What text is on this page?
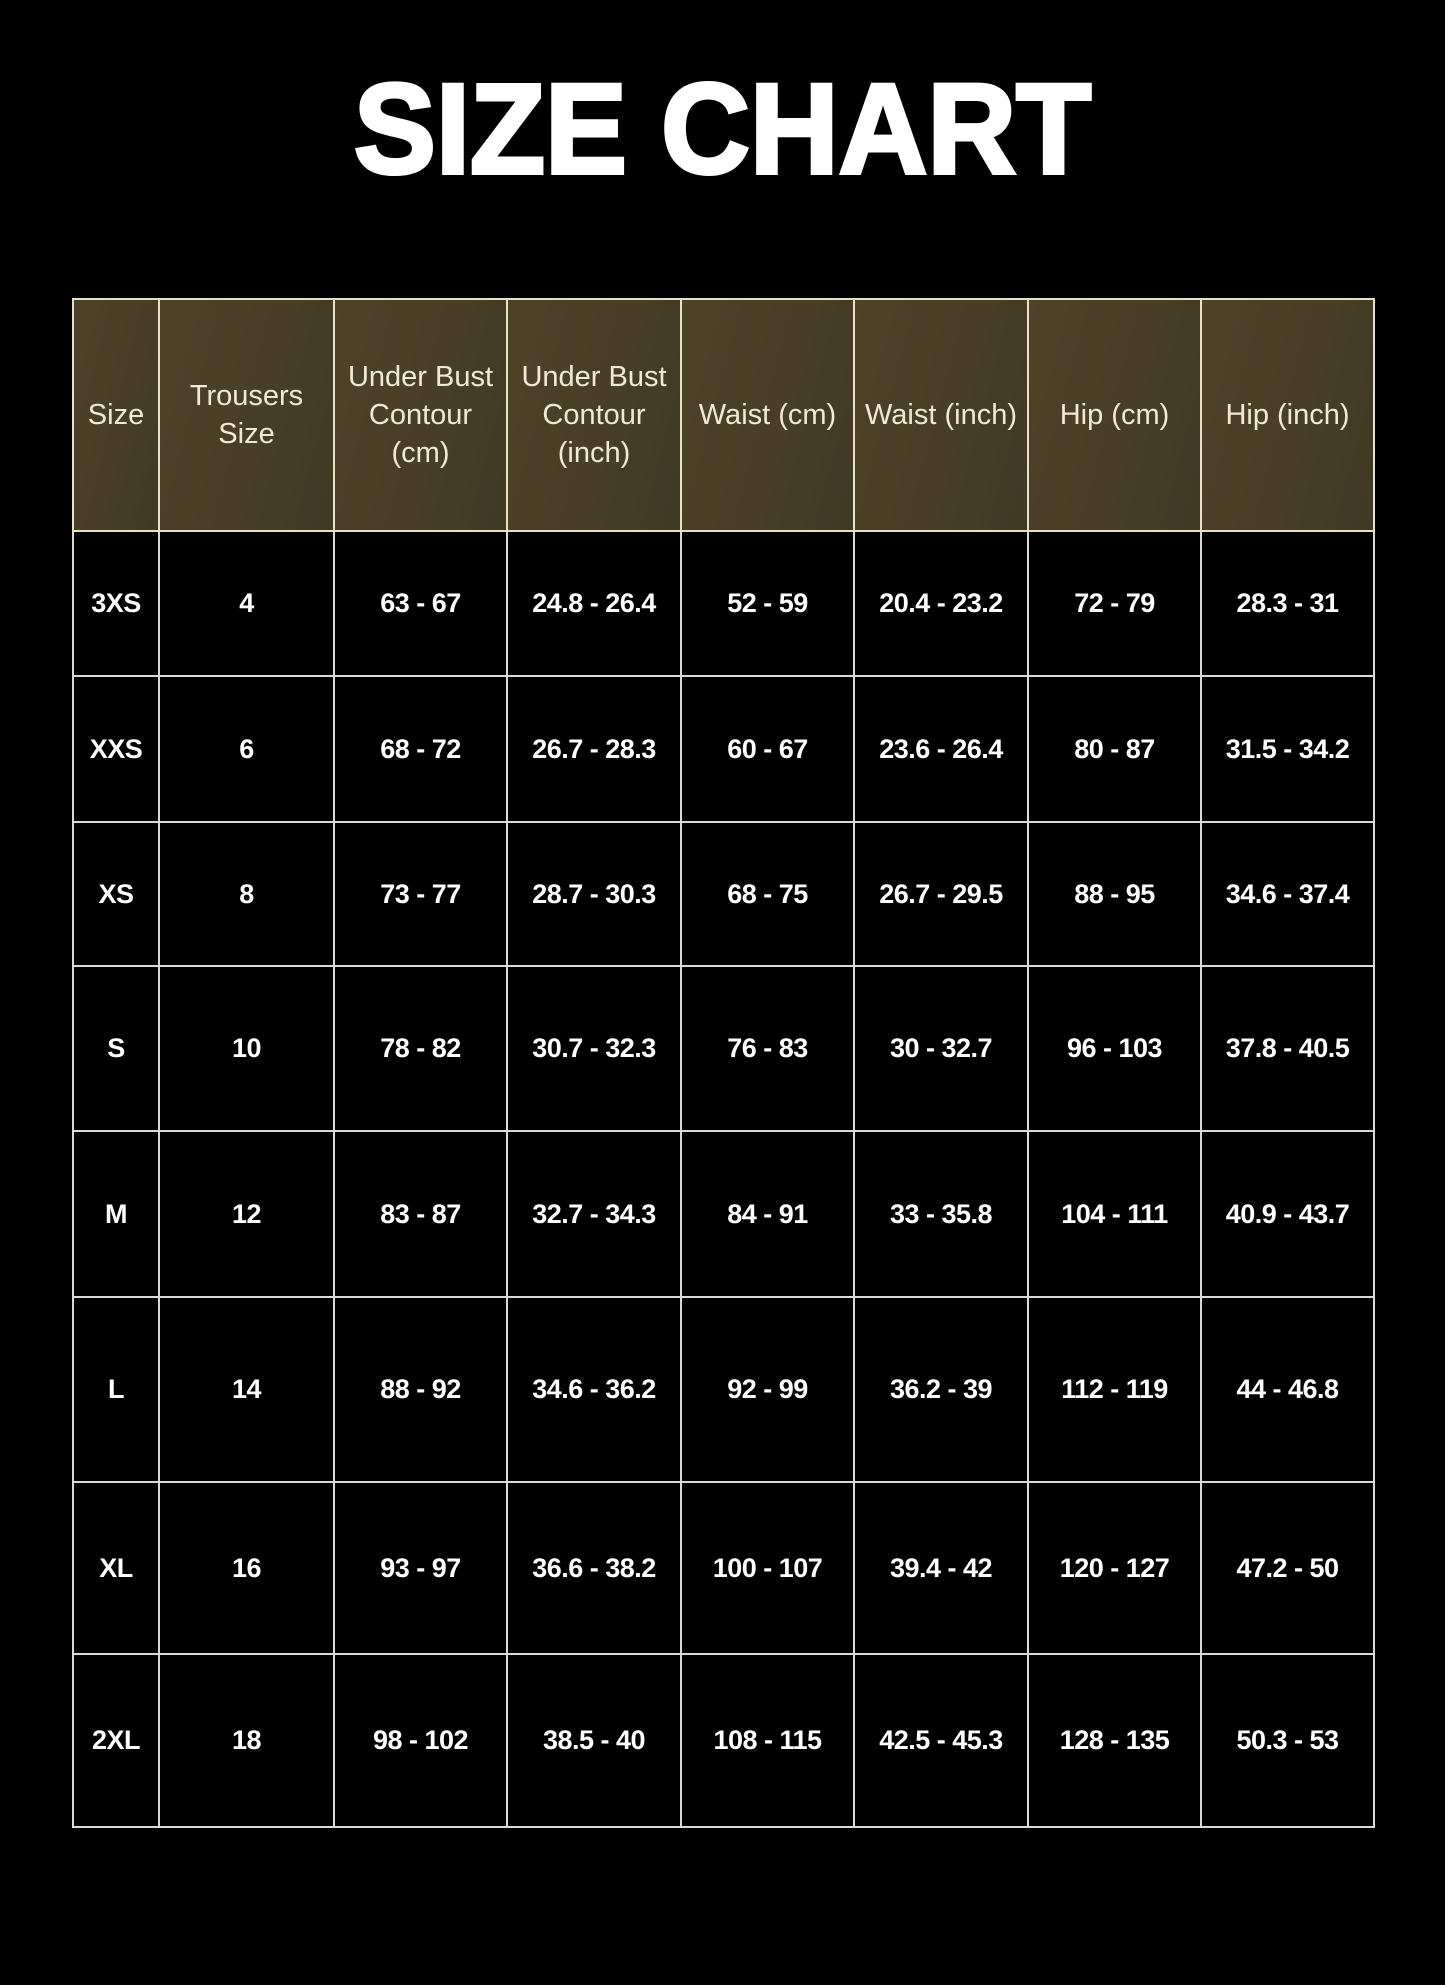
SIZE CHART
Size	Trousers Size	Under Bust Contour (cm)	Under Bust Contour (inch)	Waist (cm)	Waist (inch)	Hip (cm)	Hip (inch)
3XS	4	63 - 67	24.8 - 26.4	52 - 59	20.4 - 23.2	72 - 79	28.3 - 31
XXS	6	68 - 72	26.7 - 28.3	60 - 67	23.6 - 26.4	80 - 87	31.5 - 34.2
XS	8	73 - 77	28.7 - 30.3	68 - 75	26.7 - 29.5	88 - 95	34.6 - 37.4
S	10	78 - 82	30.7 - 32.3	76 - 83	30 - 32.7	96 - 103	37.8 - 40.5
M	12	83 - 87	32.7 - 34.3	84 - 91	33 - 35.8	104 - 111	40.9 - 43.7
L	14	88 - 92	34.6 - 36.2	92 - 99	36.2 - 39	112 - 119	44 - 46.8
XL	16	93 - 97	36.6 - 38.2	100 - 107	39.4 - 42	120 - 127	47.2 - 50
2XL	18	98 - 102	38.5 - 40	108 - 115	42.5 - 45.3	128 - 135	50.3 - 53
